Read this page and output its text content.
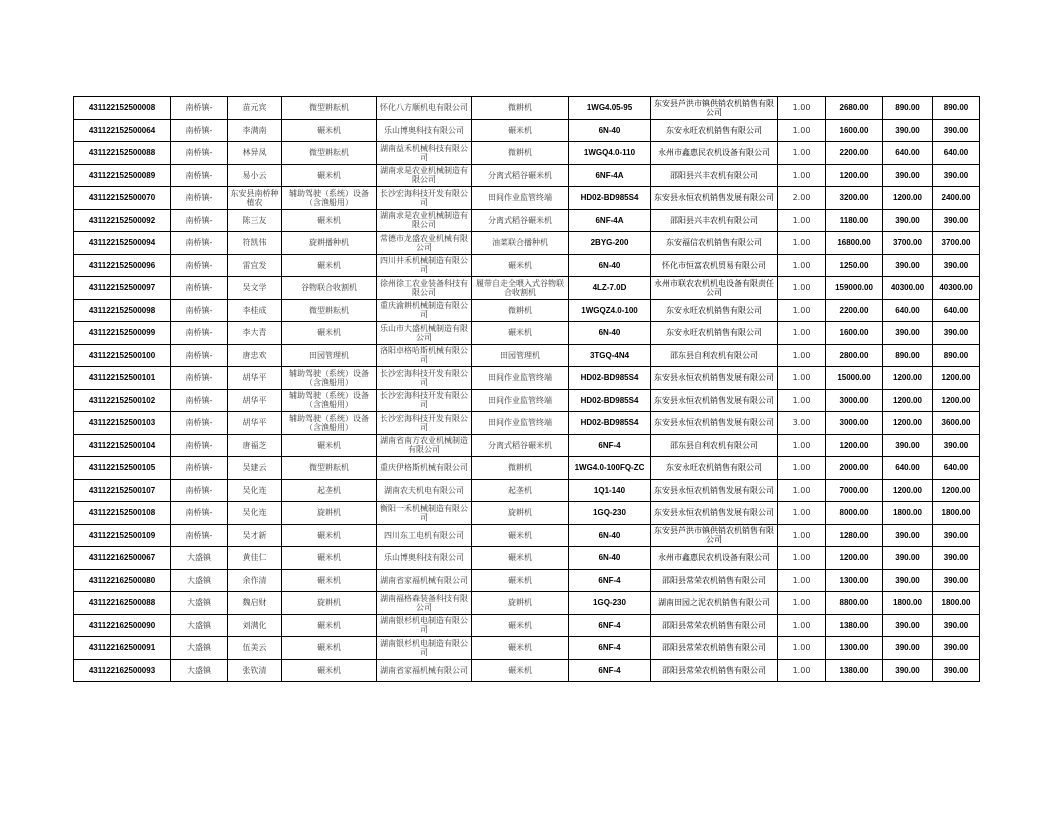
431122152500008	南桥镇-	苗元宾	微型耕耘机	怀化八方顺机电有限公司	微耕机	1WG4.05-95	东安县芦洪市镇供销农机销售有限公司	1.00	2680.00	890.00	890.00
431122152500064	南桥镇-	李满南	碾米机	乐山博奥科技有限公司	碾米机	6N-40	东安永旺农机销售有限公司	1.00	1600.00	390.00	390.00
431122152500088	南桥镇-	林异凤	微型耕耘机	湖南益禾机械科技有限公司	微耕机	1WGQ4.0-110	永州市鑫惠民农机设备有限公司	1.00	2200.00	640.00	640.00
431122152500089	南桥镇-	易小云	碾米机	湖南求是农业机械制造有限公司	分离式稻谷碾米机	6NF-4A	邵阳县兴丰农机有限公司	1.00	1200.00	390.00	390.00
431122152500070	南桥镇-	东安县南桥种植农	辅助驾驶（系统）设备（含渔船用）	长沙宏海科技开发有限公司	田间作业监管终端	HD02-BD985S4	东安县永恒农机销售发展有限公司	2.00	3200.00	1200.00	2400.00
431122152500092	南桥镇-	陈三友	碾米机	湖南求是农业机械制造有限公司	分离式稻谷碾米机	6NF-4A	邵阳县兴丰农机有限公司	1.00	1180.00	390.00	390.00
431122152500094	南桥镇-	符凯伟	旋耕播种机	常德市龙盛农业机械有限公司	油菜联合播种机	2BYG-200	东安福信农机销售有限公司	1.00	16800.00	3700.00	3700.00
431122152500096	南桥镇-	雷宜发	碾米机	四川井禾机械制造有限公司	碾米机	6N-40	怀化市恒富农机贸易有限公司	1.00	1250.00	390.00	390.00
431122152500097	南桥镇-	吴文学	谷物联合收割机	徐州徐工农业装备科技有限公司	履带自走全喂入式谷物联合收割机	4LZ-7.0D	永州市联农农机机电设备有限责任公司	1.00	159000.00	40300.00	40300.00
431122152500098	南桥镇-	李桂成	微型耕耘机	重庆渝耕机械制造有限公司	微耕机	1WGQZ4.0-100	东安永旺农机销售有限公司	1.00	2200.00	640.00	640.00
431122152500099	南桥镇-	李大青	碾米机	乐山市大盛机械制造有限公司	碾米机	6N-40	东安永旺农机销售有限公司	1.00	1600.00	390.00	390.00
431122152500100	南桥镇-	唐忠欢	田园管理机	洛阳卓格哈斯机械有限公司	田园管理机	3TGQ-4N4	邵东县自利农机有限公司	1.00	2800.00	890.00	890.00
431122152500101	南桥镇-	胡华平	辅助驾驶（系统）设备（含渔船用）	长沙宏海科技开发有限公司	田间作业监管终端	HD02-BD985S4	东安县永恒农机销售发展有限公司	1.00	15000.00	1200.00	1200.00
431122152500102	南桥镇-	胡华平	辅助驾驶（系统）设备（含渔船用）	长沙宏海科技开发有限公司	田间作业监管终端	HD02-BD985S4	东安县永恒农机销售发展有限公司	1.00	3000.00	1200.00	1200.00
431122152500103	南桥镇-	胡华平	辅助驾驶（系统）设备（含渔船用）	长沙宏海科技开发有限公司	田间作业监管终端	HD02-BD985S4	东安县永恒农机销售发展有限公司	3.00	3000.00	1200.00	3600.00
431122152500104	南桥镇-	唐福芝	碾米机	湖南省南方农业机械制造有限公司	分离式稻谷碾米机	6NF-4	邵东县自利农机有限公司	1.00	1200.00	390.00	390.00
431122152500105	南桥镇-	吴建云	微型耕耘机	重庆伊格斯机械有限公司	微耕机	1WG4.0-100FQ-ZC	东安永旺农机销售有限公司	1.00	2000.00	640.00	640.00
431122152500107	南桥镇-	吴化连	起垄机	湖南农夫机电有限公司	起垄机	1Q1-140	东安县永恒农机销售发展有限公司	1.00	7000.00	1200.00	1200.00
431122152500108	南桥镇-	吴化连	旋耕机	衡阳一禾机械制造有限公司	旋耕机	1GQ-230	东安县永恒农机销售发展有限公司	1.00	8000.00	1800.00	1800.00
431122152500109	南桥镇-	吴才新	碾米机	四川东工电机有限公司	碾米机	6N-40	东安县芦洪市镇供销农机销售有限公司	1.00	1280.00	390.00	390.00
431122162500067	大盛镇	黄佳仁	碾米机	乐山博奥科技有限公司	碾米机	6N-40	永州市鑫惠民农机设备有限公司	1.00	1200.00	390.00	390.00
431122162500080	大盛镇	余作清	碾米机	湖南省家福机械有限公司	碾米机	6NF-4	邵阳县常荣农机销售有限公司	1.00	1300.00	390.00	390.00
431122162500088	大盛镇	魏启财	旋耕机	湖南福格森装备科技有限公司	旋耕机	1GQ-230	湖南田园之泥农机销售有限公司	1.00	8800.00	1800.00	1800.00
431122162500090	大盛镇	刘满化	碾米机	湖南银杉机电制造有限公司	碾米机	6NF-4	邵阳县常荣农机销售有限公司	1.00	1380.00	390.00	390.00
431122162500091	大盛镇	伍美云	碾米机	湖南银杉机电制造有限公司	碾米机	6NF-4	邵阳县常荣农机销售有限公司	1.00	1300.00	390.00	390.00
431122162500093	大盛镇	张钦清	碾米机	湖南省家福机械有限公司	碾米机	6NF-4	邵阳县常荣农机销售有限公司	1.00	1380.00	390.00	390.00
